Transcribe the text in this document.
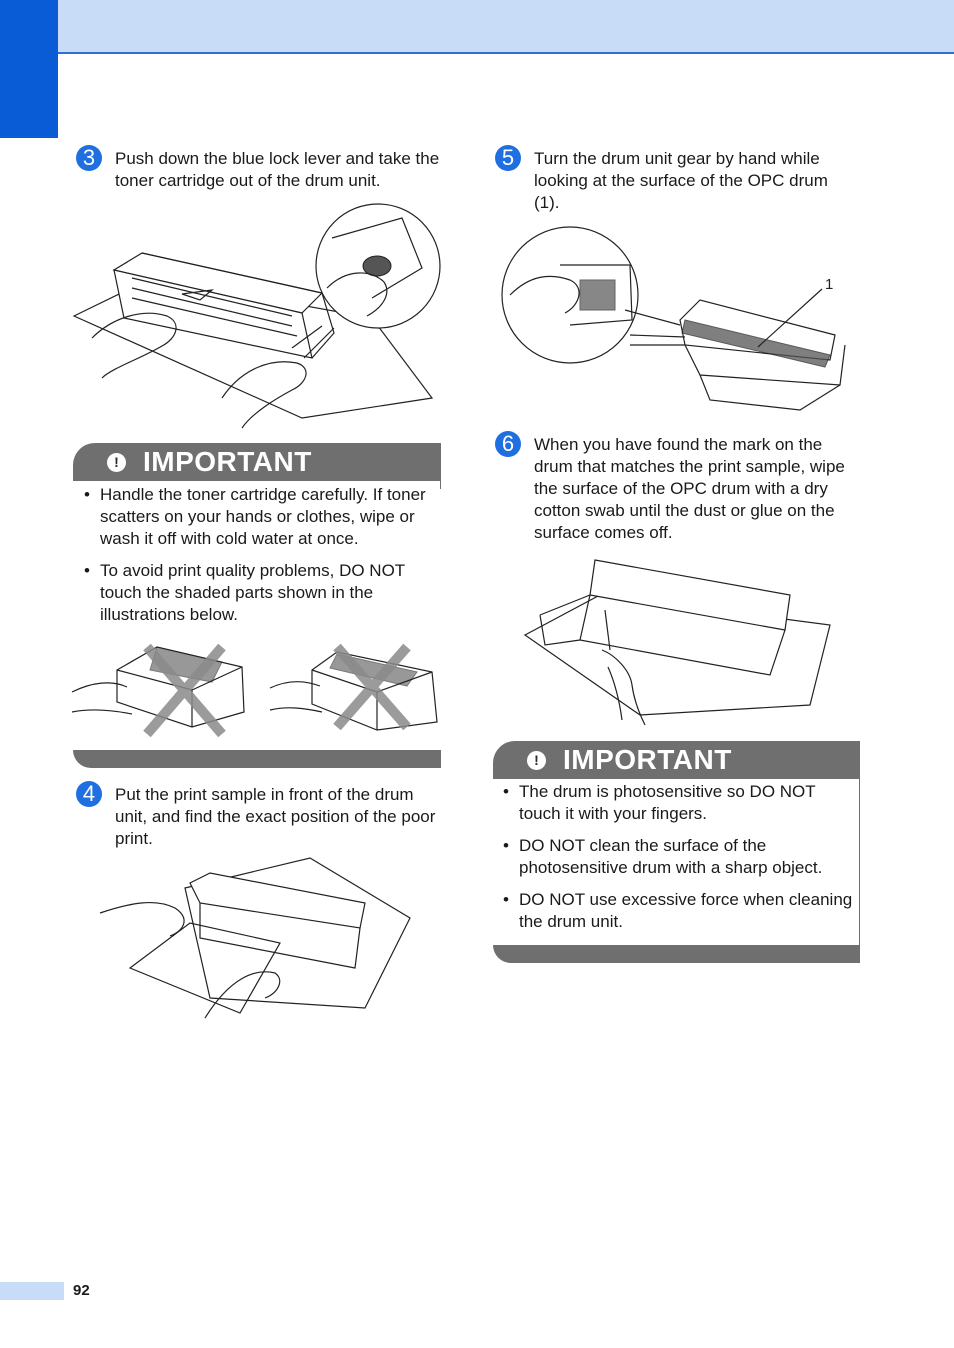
3	Push down the blue lock lever and take the toner cartridge out of the drum unit.
! IMPORTANT
• Handle the toner cartridge carefully. If toner scatters on your hands or clothes, wipe or wash it off with cold water at once.
• To avoid print quality problems, DO NOT touch the shaded parts shown in the illustrations below.
4	Put the print sample in front of the drum unit, and find the exact position of the poor print.
5	Turn the drum unit gear by hand while looking at the surface of the OPC drum (1).
1
6	When you have found the mark on the drum that matches the print sample, wipe the surface of the OPC drum with a dry cotton swab until the dust or glue on the surface comes off.
! IMPORTANT
• The drum is photosensitive so DO NOT touch it with your fingers.
• DO NOT clean the surface of the photosensitive drum with a sharp object.
• DO NOT use excessive force when cleaning the drum unit.
92
